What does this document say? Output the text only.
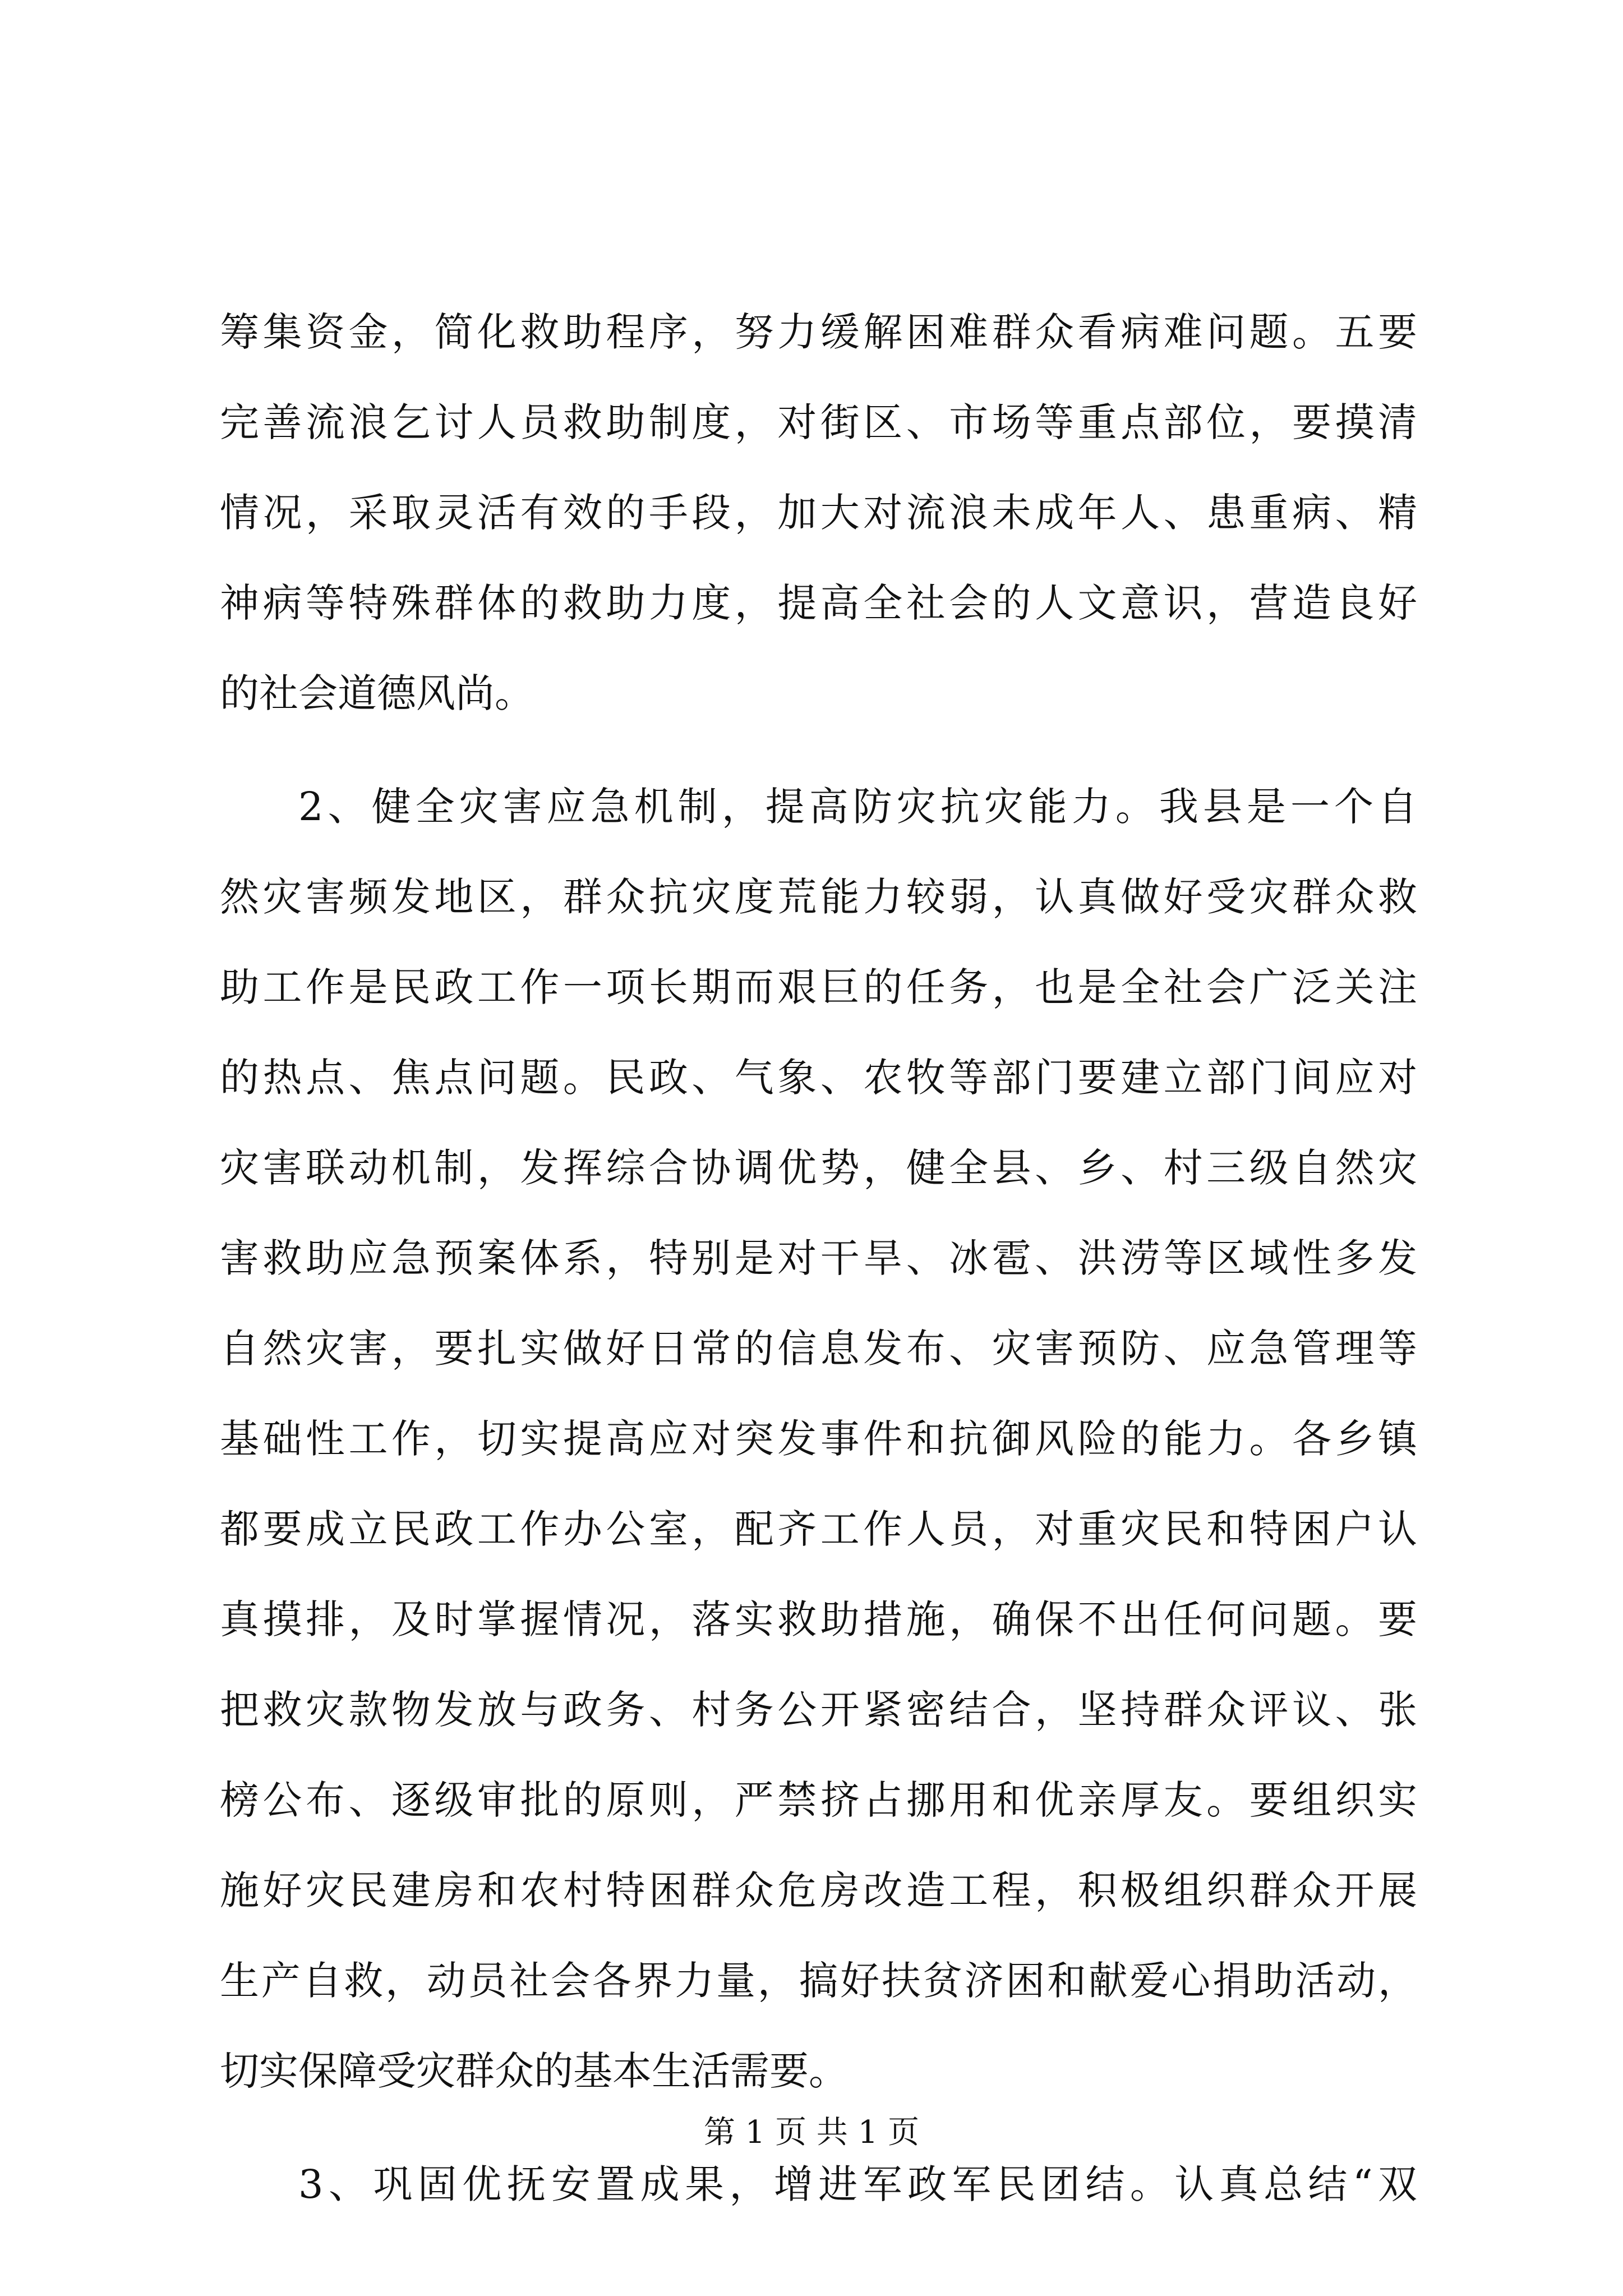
筹集资金，简化救助程序，努力缓解困难群众看病难问题。五要
完善流浪乞讨人员救助制度，对街区、市场等重点部位，要摸清
情况，采取灵活有效的手段，加大对流浪未成年人、患重病、精
神病等特殊群体的救助力度，提高全社会的人文意识，营造良好
的社会道德风尚。
2、健全灾害应急机制，提高防灾抗灾能力。我县是一个自
然灾害频发地区，群众抗灾度荒能力较弱，认真做好受灾群众救
助工作是民政工作一项长期而艰巨的任务，也是全社会广泛关注
的热点、焦点问题。民政、气象、农牧等部门要建立部门间应对
灾害联动机制，发挥综合协调优势，健全县、乡、村三级自然灾
害救助应急预案体系，特别是对干旱、冰雹、洪涝等区域性多发
自然灾害，要扎实做好日常的信息发布、灾害预防、应急管理等
基础性工作，切实提高应对突发事件和抗御风险的能力。各乡镇
都要成立民政工作办公室，配齐工作人员，对重灾民和特困户认
真摸排，及时掌握情况，落实救助措施，确保不出任何问题。要
把救灾款物发放与政务、村务公开紧密结合，坚持群众评议、张
榜公布、逐级审批的原则，严禁挤占挪用和优亲厚友。要组织实
施好灾民建房和农村特困群众危房改造工程，积极组织群众开展
生产自救，动员社会各界力量，搞好扶贫济困和献爱心捐助活动，
切实保障受灾群众的基本生活需要。
3、巩固优抚安置成果，增进军政军民团结。认真总结“双
第 1 页 共 1 页
